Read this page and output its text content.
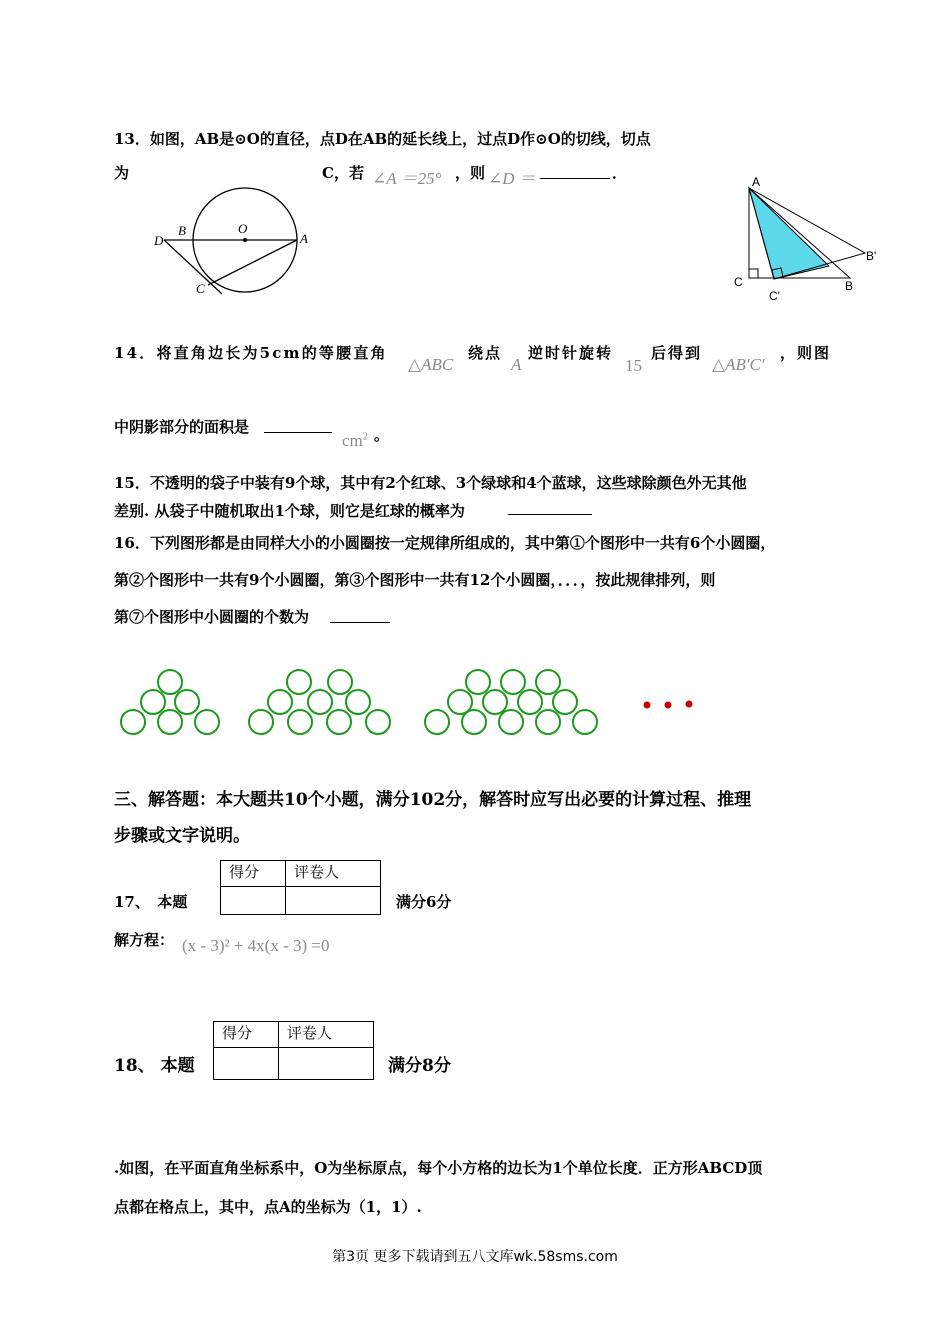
13．如图，AB是⊙O的直径，点D在AB的延长线上，过点D作⊙O的切线，切点
为	C，若 ∠A ＝25° ，则 ∠D ＝	．
D
B	O
A
C
A
B'
C
C'
B
14．将直角边长为5cm的等腰直角
△ABC
绕点
A
逆时针旋转
15
后得到
△AB′C′
，则图
中阴影部分的面积是
$cm^2$ 。
15．不透明的袋子中装有9个球，其中有2个红球、3个绿球和4个蓝球，这些球除颜色外无其他
差别. 从袋子中随机取出1个球，则它是红球的概率为
16．下列图形都是由同样大小的小圆圈按一定规律所组成的，其中第①个图形中一共有6个小圆圈，
第②个图形中一共有9个小圆圈，第③个图形中一共有12个小圆圈，．．．，按此规律排列，则
第⑦个图形中小圆圈的个数为
三、解答题：本大题共10个小题，满分102分，解答时应写出必要的计算过程、推理
步骤或文字说明。
得分	评卷人

17、　本题	满分6分
解方程： (x - 3)² + 4x(x - 3) =0
得分	评卷人

18、 本题	满分8分
.如图，在平面直角坐标系中，O为坐标原点，每个小方格的边长为1个单位长度．正方形ABCD顶
点都在格点上，其中，点A的坐标为（1，1）.
第3页 更多下载请到五八文库wk.58sms.com
